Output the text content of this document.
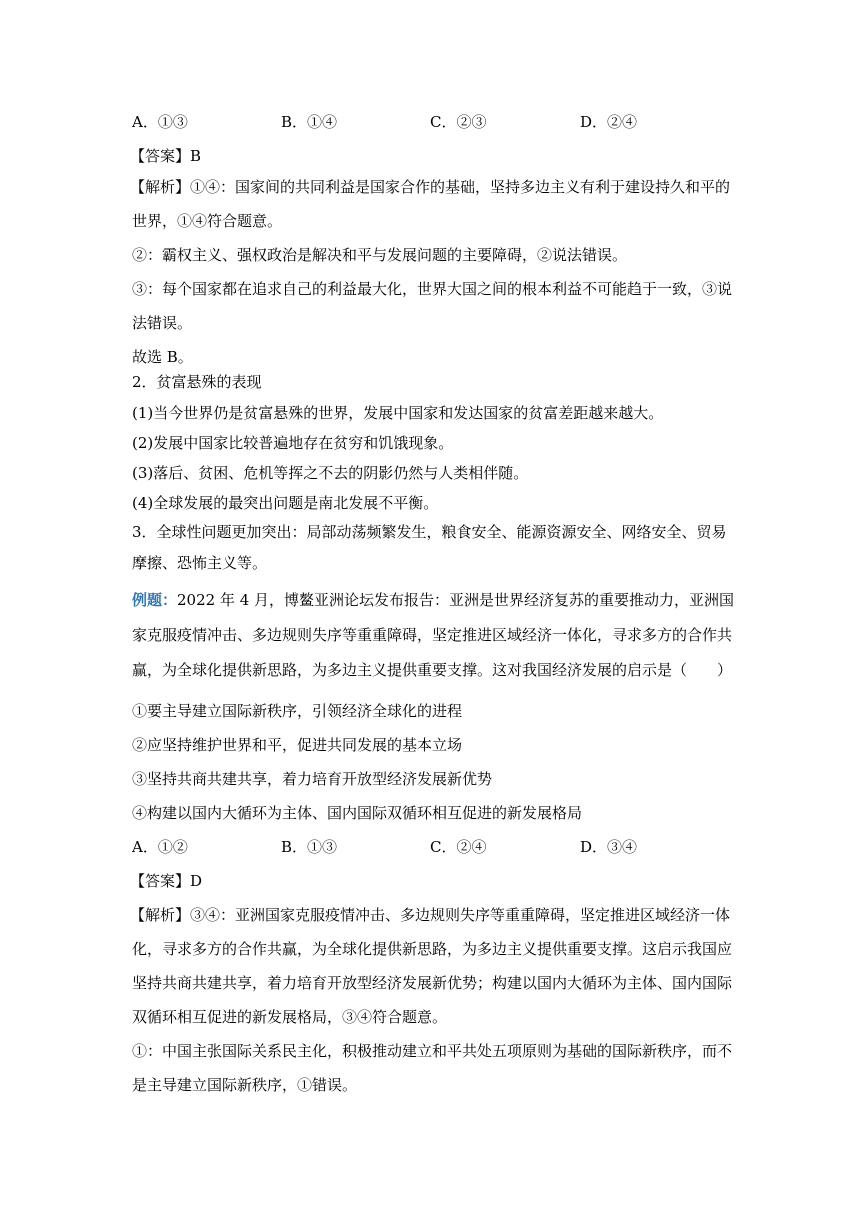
A．①③	B．①④	C．②③	D．②④
【答案】B
【解析】①④：国家间的共同利益是国家合作的基础，坚持多边主义有利于建设持久和平的
世界，①④符合题意。
②：霸权主义、强权政治是解决和平与发展问题的主要障碍，②说法错误。
③：每个国家都在追求自己的利益最大化，世界大国之间的根本利益不可能趋于一致，③说
法错误。
故选 B。
2．贫富悬殊的表现
(1)当今世界仍是贫富悬殊的世界，发展中国家和发达国家的贫富差距越来越大。
(2)发展中国家比较普遍地存在贫穷和饥饿现象。
(3)落后、贫困、危机等挥之不去的阴影仍然与人类相伴随。
(4)全球发展的最突出问题是南北发展不平衡。
3．全球性问题更加突出：局部动荡频繁发生，粮食安全、能源资源安全、网络安全、贸易
摩擦、恐怖主义等。
例题：2022 年 4 月，博鳌亚洲论坛发布报告：亚洲是世界经济复苏的重要推动力，亚洲国
家克服疫情冲击、多边规则失序等重重障碍，坚定推进区域经济一体化，寻求多方的合作共
赢，为全球化提供新思路，为多边主义提供重要支撑。这对我国经济发展的启示是（　　）
①要主导建立国际新秩序，引领经济全球化的进程
②应坚持维护世界和平，促进共同发展的基本立场
③坚持共商共建共享，着力培育开放型经济发展新优势
④构建以国内大循环为主体、国内国际双循环相互促进的新发展格局
A．①②	B．①③	C．②④	D．③④
【答案】D
【解析】③④：亚洲国家克服疫情冲击、多边规则失序等重重障碍，坚定推进区域经济一体
化，寻求多方的合作共赢，为全球化提供新思路，为多边主义提供重要支撑。这启示我国应
坚持共商共建共享，着力培育开放型经济发展新优势；构建以国内大循环为主体、国内国际
双循环相互促进的新发展格局，③④符合题意。
①：中国主张国际关系民主化，积极推动建立和平共处五项原则为基础的国际新秩序，而不
是主导建立国际新秩序，①错误。
